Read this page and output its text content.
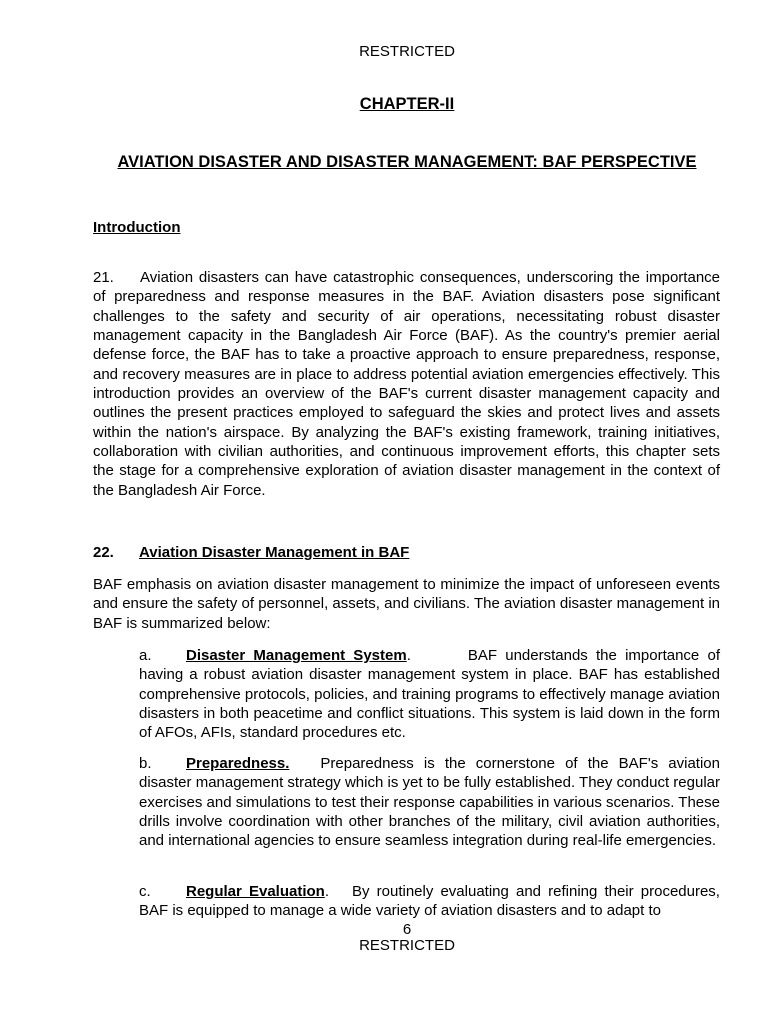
RESTRICTED
CHAPTER-II
AVIATION DISASTER AND DISASTER MANAGEMENT: BAF PERSPECTIVE
Introduction

21. Aviation disasters can have catastrophic consequences, underscoring the importance of preparedness and response measures in the BAF. Aviation disasters pose significant challenges to the safety and security of air operations, necessitating robust disaster management capacity in the Bangladesh Air Force (BAF). As the country's premier aerial defense force, the BAF has to take a proactive approach to ensure preparedness, response, and recovery measures are in place to address potential aviation emergencies effectively. This introduction provides an overview of the BAF's current disaster management capacity and outlines the present practices employed to safeguard the skies and protect lives and assets within the nation's airspace. By analyzing the BAF's existing framework, training initiatives, collaboration with civilian authorities, and continuous improvement efforts, this chapter sets the stage for a comprehensive exploration of aviation disaster management in the context of the Bangladesh Air Force.

22. Aviation Disaster Management in BAF

BAF emphasis on aviation disaster management to minimize the impact of unforeseen events and ensure the safety of personnel, assets, and civilians. The aviation disaster management in BAF is summarized below:

a. Disaster Management System.	BAF understands the importance of having a robust aviation disaster management system in place. BAF has established comprehensive protocols, policies, and training programs to effectively manage aviation disasters in both peacetime and conflict situations. This system is laid down in the form of AFOs, AFIs, standard procedures etc.

b. Preparedness. Preparedness is the cornerstone of the BAF's aviation disaster management strategy which is yet to be fully established. They conduct regular exercises and simulations to test their response capabilities in various scenarios. These drills involve coordination with other branches of the military, civil aviation authorities, and international agencies to ensure seamless integration during real-life emergencies.

c. Regular Evaluation. By routinely evaluating and refining their procedures, BAF is equipped to manage a wide variety of aviation disasters and to adapt to

6
RESTRICTED
